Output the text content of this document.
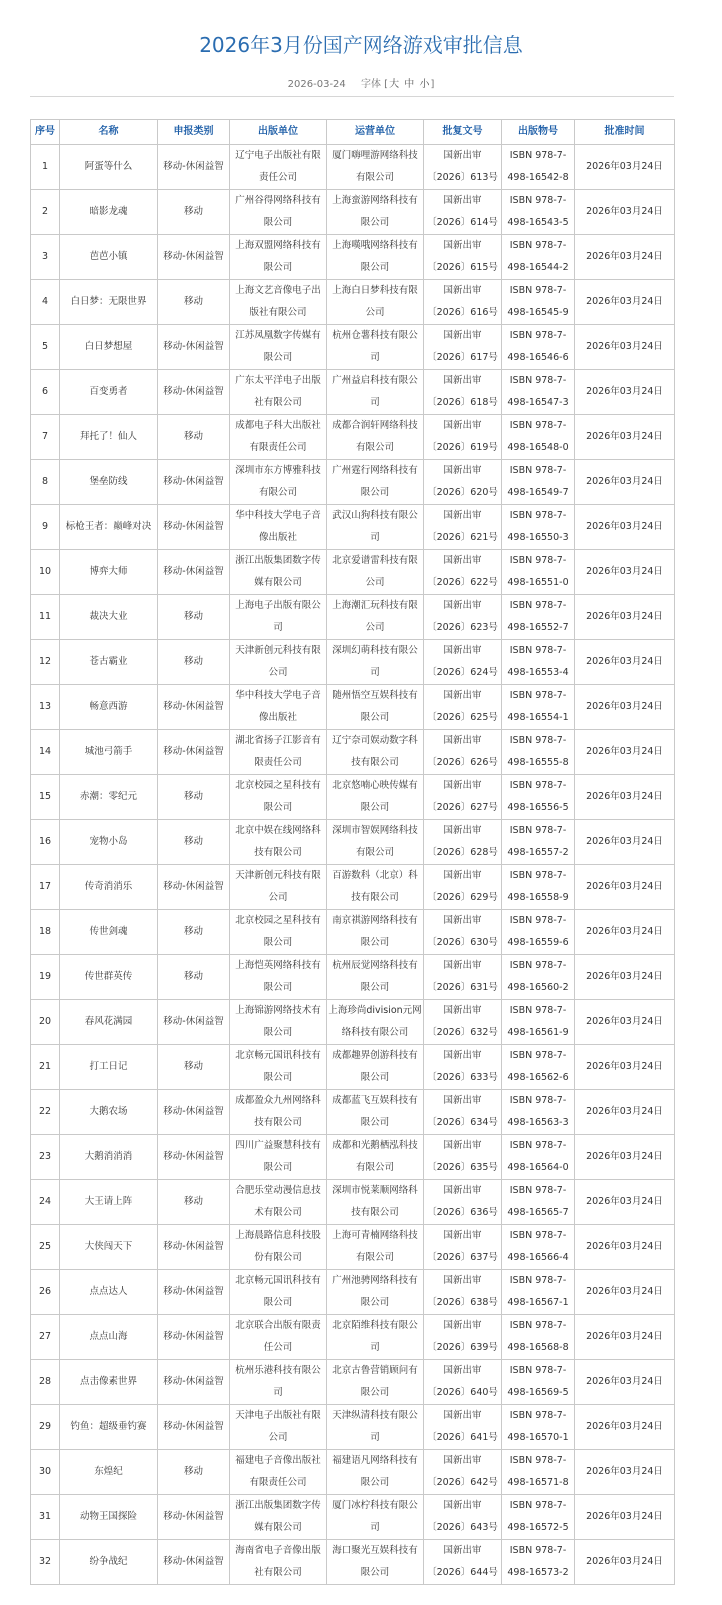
2026年3月份国产网络游戏审批信息
2026-03-24 字体 [大 中 小]
序号	名称	申报类别	出版单位	运营单位	批复文号	出版物号	批准时间
1	阿蛋等什么	移动-休闲益智	辽宁电子出版社有限责任公司	厦门嗨哩游网络科技有限公司	国新出审
〔2026〕613号	ISBN 978-7-
498-16542-8	2026年03月24日
2	暗影龙魂	移动	广州谷得网络科技有限公司	上海蛮游网络科技有限公司	国新出审
〔2026〕614号	ISBN 978-7-
498-16543-5	2026年03月24日
3	芭芭小镇	移动-休闲益智	上海双盟网络科技有限公司	上海嘆哦网络科技有限公司	国新出审
〔2026〕615号	ISBN 978-7-
498-16544-2	2026年03月24日
4	白日梦：无限世界	移动	上海文艺音像电子出版社有限公司	上海白日梦科技有限公司	国新出审
〔2026〕616号	ISBN 978-7-
498-16545-9	2026年03月24日
5	白日梦想屋	移动-休闲益智	江苏凤凰数字传媒有限公司	杭州仓薯科技有限公司	国新出审
〔2026〕617号	ISBN 978-7-
498-16546-6	2026年03月24日
6	百变勇者	移动-休闲益智	广东太平洋电子出版社有限公司	广州益启科技有限公司	国新出审
〔2026〕618号	ISBN 978-7-
498-16547-3	2026年03月24日
7	拜托了！仙人	移动	成都电子科大出版社有限责任公司	成都合润轩网络科技有限公司	国新出审
〔2026〕619号	ISBN 978-7-
498-16548-0	2026年03月24日
8	堡垒防线	移动-休闲益智	深圳市东方博雅科技有限公司	广州霆行网络科技有限公司	国新出审
〔2026〕620号	ISBN 978-7-
498-16549-7	2026年03月24日
9	标枪王者：巅峰对决	移动-休闲益智	华中科技大学电子音像出版社	武汉山狗科技有限公司	国新出审
〔2026〕621号	ISBN 978-7-
498-16550-3	2026年03月24日
10	博弈大师	移动-休闲益智	浙江出版集团数字传媒有限公司	北京爱谱雷科技有限公司	国新出审
〔2026〕622号	ISBN 978-7-
498-16551-0	2026年03月24日
11	裁决大业	移动	上海电子出版有限公司	上海潮汇玩科技有限公司	国新出审
〔2026〕623号	ISBN 978-7-
498-16552-7	2026年03月24日
12	苍古霸业	移动	天津新创元科技有限公司	深圳幻萌科技有限公司	国新出审
〔2026〕624号	ISBN 978-7-
498-16553-4	2026年03月24日
13	畅意西游	移动-休闲益智	华中科技大学电子音像出版社	随州悟空互娱科技有限公司	国新出审
〔2026〕625号	ISBN 978-7-
498-16554-1	2026年03月24日
14	城池弓箭手	移动-休闲益智	湖北省扬子江影音有限责任公司	辽宁奈司娱动数字科技有限公司	国新出审
〔2026〕626号	ISBN 978-7-
498-16555-8	2026年03月24日
15	赤潮：零纪元	移动	北京校园之星科技有限公司	北京悠喃心映传媒有限公司	国新出审
〔2026〕627号	ISBN 978-7-
498-16556-5	2026年03月24日
16	宠物小岛	移动	北京中娱在线网络科技有限公司	深圳市智娱网络科技有限公司	国新出审
〔2026〕628号	ISBN 978-7-
498-16557-2	2026年03月24日
17	传奇消消乐	移动-休闲益智	天津新创元科技有限公司	百游数科（北京）科技有限公司	国新出审
〔2026〕629号	ISBN 978-7-
498-16558-9	2026年03月24日
18	传世剑魂	移动	北京校园之星科技有限公司	南京祺游网络科技有限公司	国新出审
〔2026〕630号	ISBN 978-7-
498-16559-6	2026年03月24日
19	传世群英传	移动	上海恺英网络科技有限公司	杭州辰觉网络科技有限公司	国新出审
〔2026〕631号	ISBN 978-7-
498-16560-2	2026年03月24日
20	春风花满园	移动-休闲益智	上海锦游网络技术有限公司	上海珍尚division元网络科技有限公司	国新出审
〔2026〕632号	ISBN 978-7-
498-16561-9	2026年03月24日
21	打工日记	移动	北京畅元国讯科技有限公司	成都趣界创游科技有限公司	国新出审
〔2026〕633号	ISBN 978-7-
498-16562-6	2026年03月24日
22	大鹅农场	移动-休闲益智	成都盈众九州网络科技有限公司	成都蓝飞互娱科技有限公司	国新出审
〔2026〕634号	ISBN 978-7-
498-16563-3	2026年03月24日
23	大鹅消消消	移动-休闲益智	四川广益聚慧科技有限公司	成都和光鹅栖泓科技有限公司	国新出审
〔2026〕635号	ISBN 978-7-
498-16564-0	2026年03月24日
24	大王请上阵	移动	合肥乐堂动漫信息技术有限公司	深圳市悦莱顺网络科技有限公司	国新出审
〔2026〕636号	ISBN 978-7-
498-16565-7	2026年03月24日
25	大侠闯天下	移动-休闲益智	上海晨路信息科技股份有限公司	上海可青楠网络科技有限公司	国新出审
〔2026〕637号	ISBN 978-7-
498-16566-4	2026年03月24日
26	点点达人	移动-休闲益智	北京畅元国讯科技有限公司	广州池骋网络科技有限公司	国新出审
〔2026〕638号	ISBN 978-7-
498-16567-1	2026年03月24日
27	点点山海	移动-休闲益智	北京联合出版有限责任公司	北京陌维科技有限公司	国新出审
〔2026〕639号	ISBN 978-7-
498-16568-8	2026年03月24日
28	点击像素世界	移动-休闲益智	杭州乐港科技有限公司	北京古鲁营销顾问有限公司	国新出审
〔2026〕640号	ISBN 978-7-
498-16569-5	2026年03月24日
29	钓鱼：超级垂钓赛	移动-休闲益智	天津电子出版社有限公司	天津纵清科技有限公司	国新出审
〔2026〕641号	ISBN 978-7-
498-16570-1	2026年03月24日
30	东煌纪	移动	福建电子音像出版社有限责任公司	福建语凡网络科技有限公司	国新出审
〔2026〕642号	ISBN 978-7-
498-16571-8	2026年03月24日
31	动物王国探险	移动-休闲益智	浙江出版集团数字传媒有限公司	厦门冰柠科技有限公司	国新出审
〔2026〕643号	ISBN 978-7-
498-16572-5	2026年03月24日
32	纷争战纪	移动-休闲益智	海南省电子音像出版社有限公司	海口聚光互娱科技有限公司	国新出审
〔2026〕644号	ISBN 978-7-
498-16573-2	2026年03月24日
